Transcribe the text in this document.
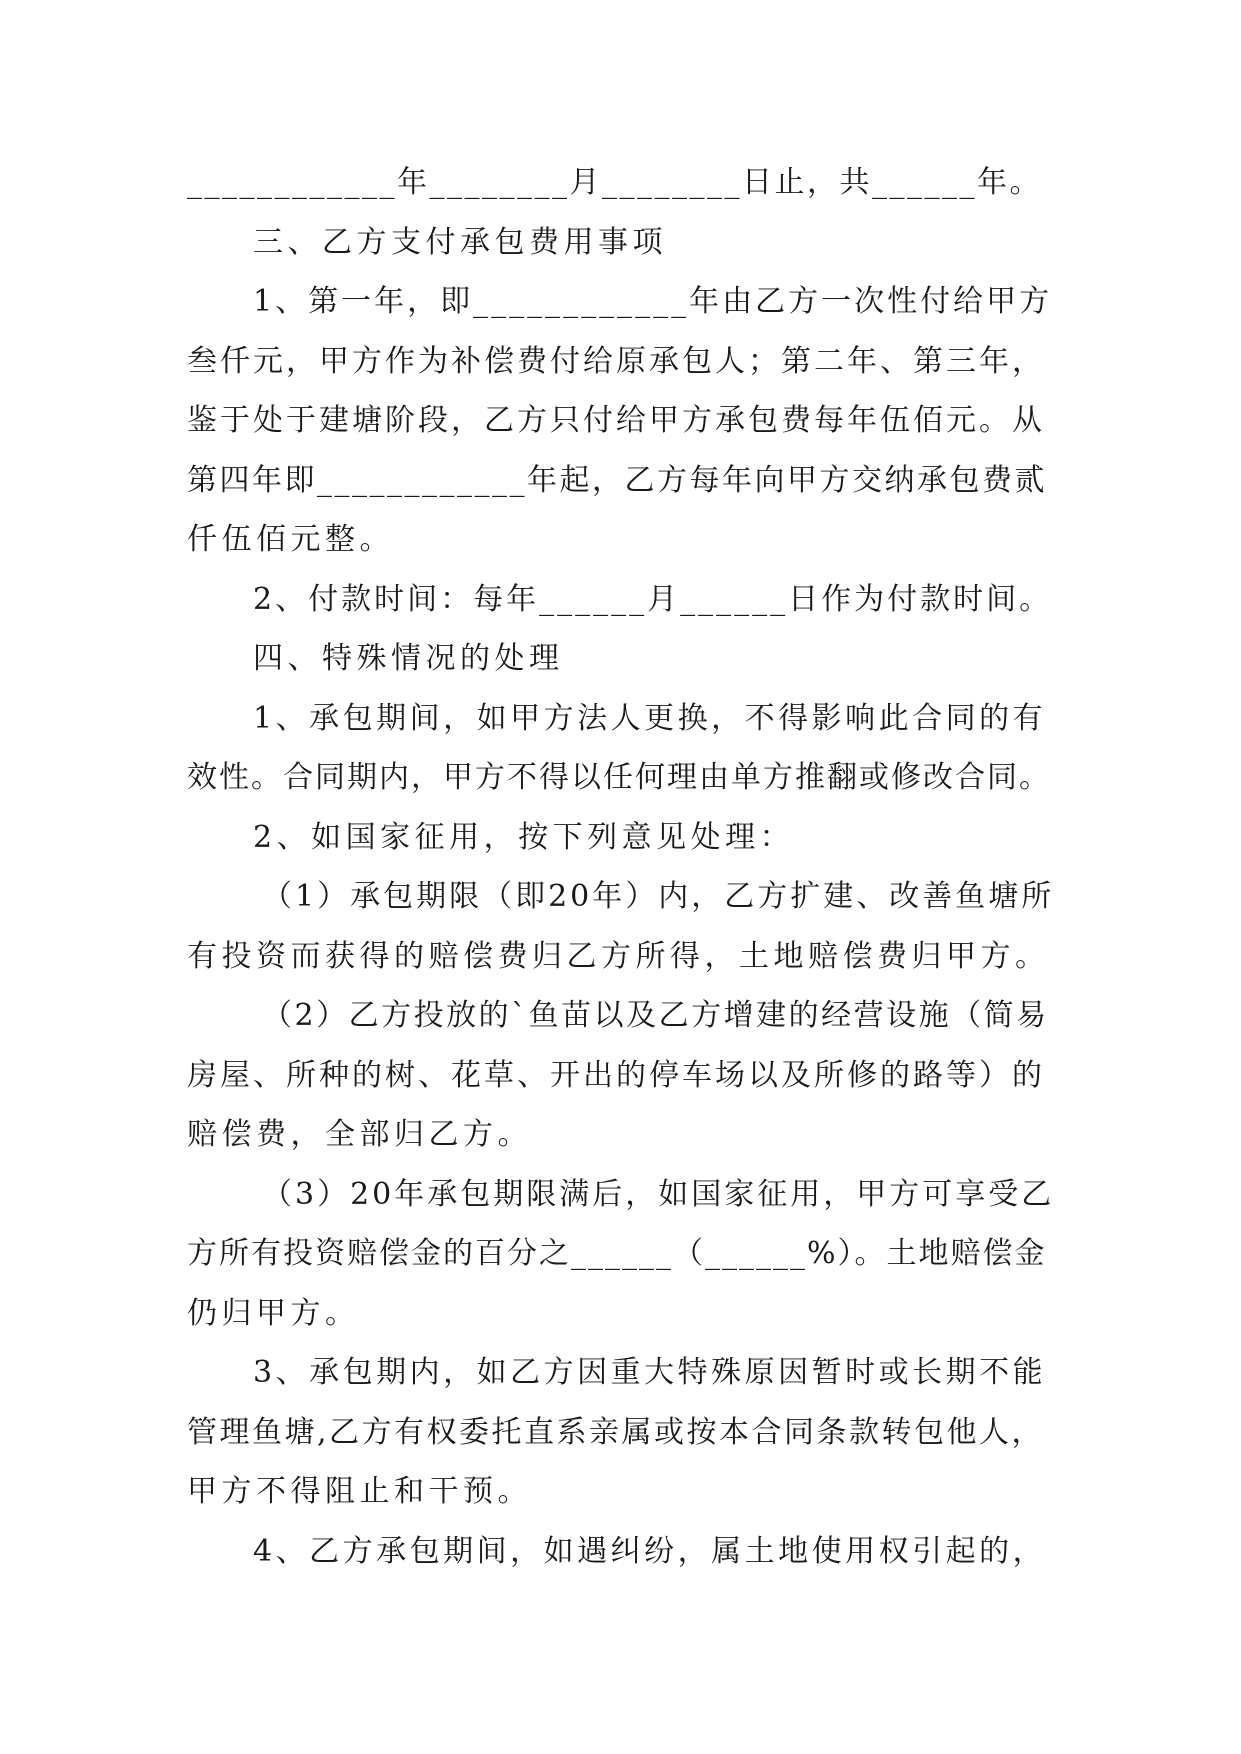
____________年________月________日止，共______年。
三、乙方支付承包费用事项
1、第一年，即____________年由乙方一次性付给甲方
叁仟元，甲方作为补偿费付给原承包人；第二年、第三年，
鉴于处于建塘阶段，乙方只付给甲方承包费每年伍佰元。从
第四年即____________年起，乙方每年向甲方交纳承包费贰
仟伍佰元整。
2、付款时间：每年______月______日作为付款时间。
四、特殊情况的处理
1、承包期间，如甲方法人更换，不得影响此合同的有
效性。合同期内，甲方不得以任何理由单方推翻或修改合同。
2、如国家征用，按下列意见处理：
（1）承包期限（即20年）内，乙方扩建、改善鱼塘所
有投资而获得的赔偿费归乙方所得，土地赔偿费归甲方。
（2）乙方投放的`鱼苗以及乙方增建的经营设施（简易
房屋、所种的树、花草、开出的停车场以及所修的路等）的
赔偿费，全部归乙方。
（3）20年承包期限满后，如国家征用，甲方可享受乙
方所有投资赔偿金的百分之______（______%）。土地赔偿金
仍归甲方。
3、承包期内，如乙方因重大特殊原因暂时或长期不能
管理鱼塘,乙方有权委托直系亲属或按本合同条款转包他人，
甲方不得阻止和干预。
4、乙方承包期间，如遇纠纷，属土地使用权引起的，
